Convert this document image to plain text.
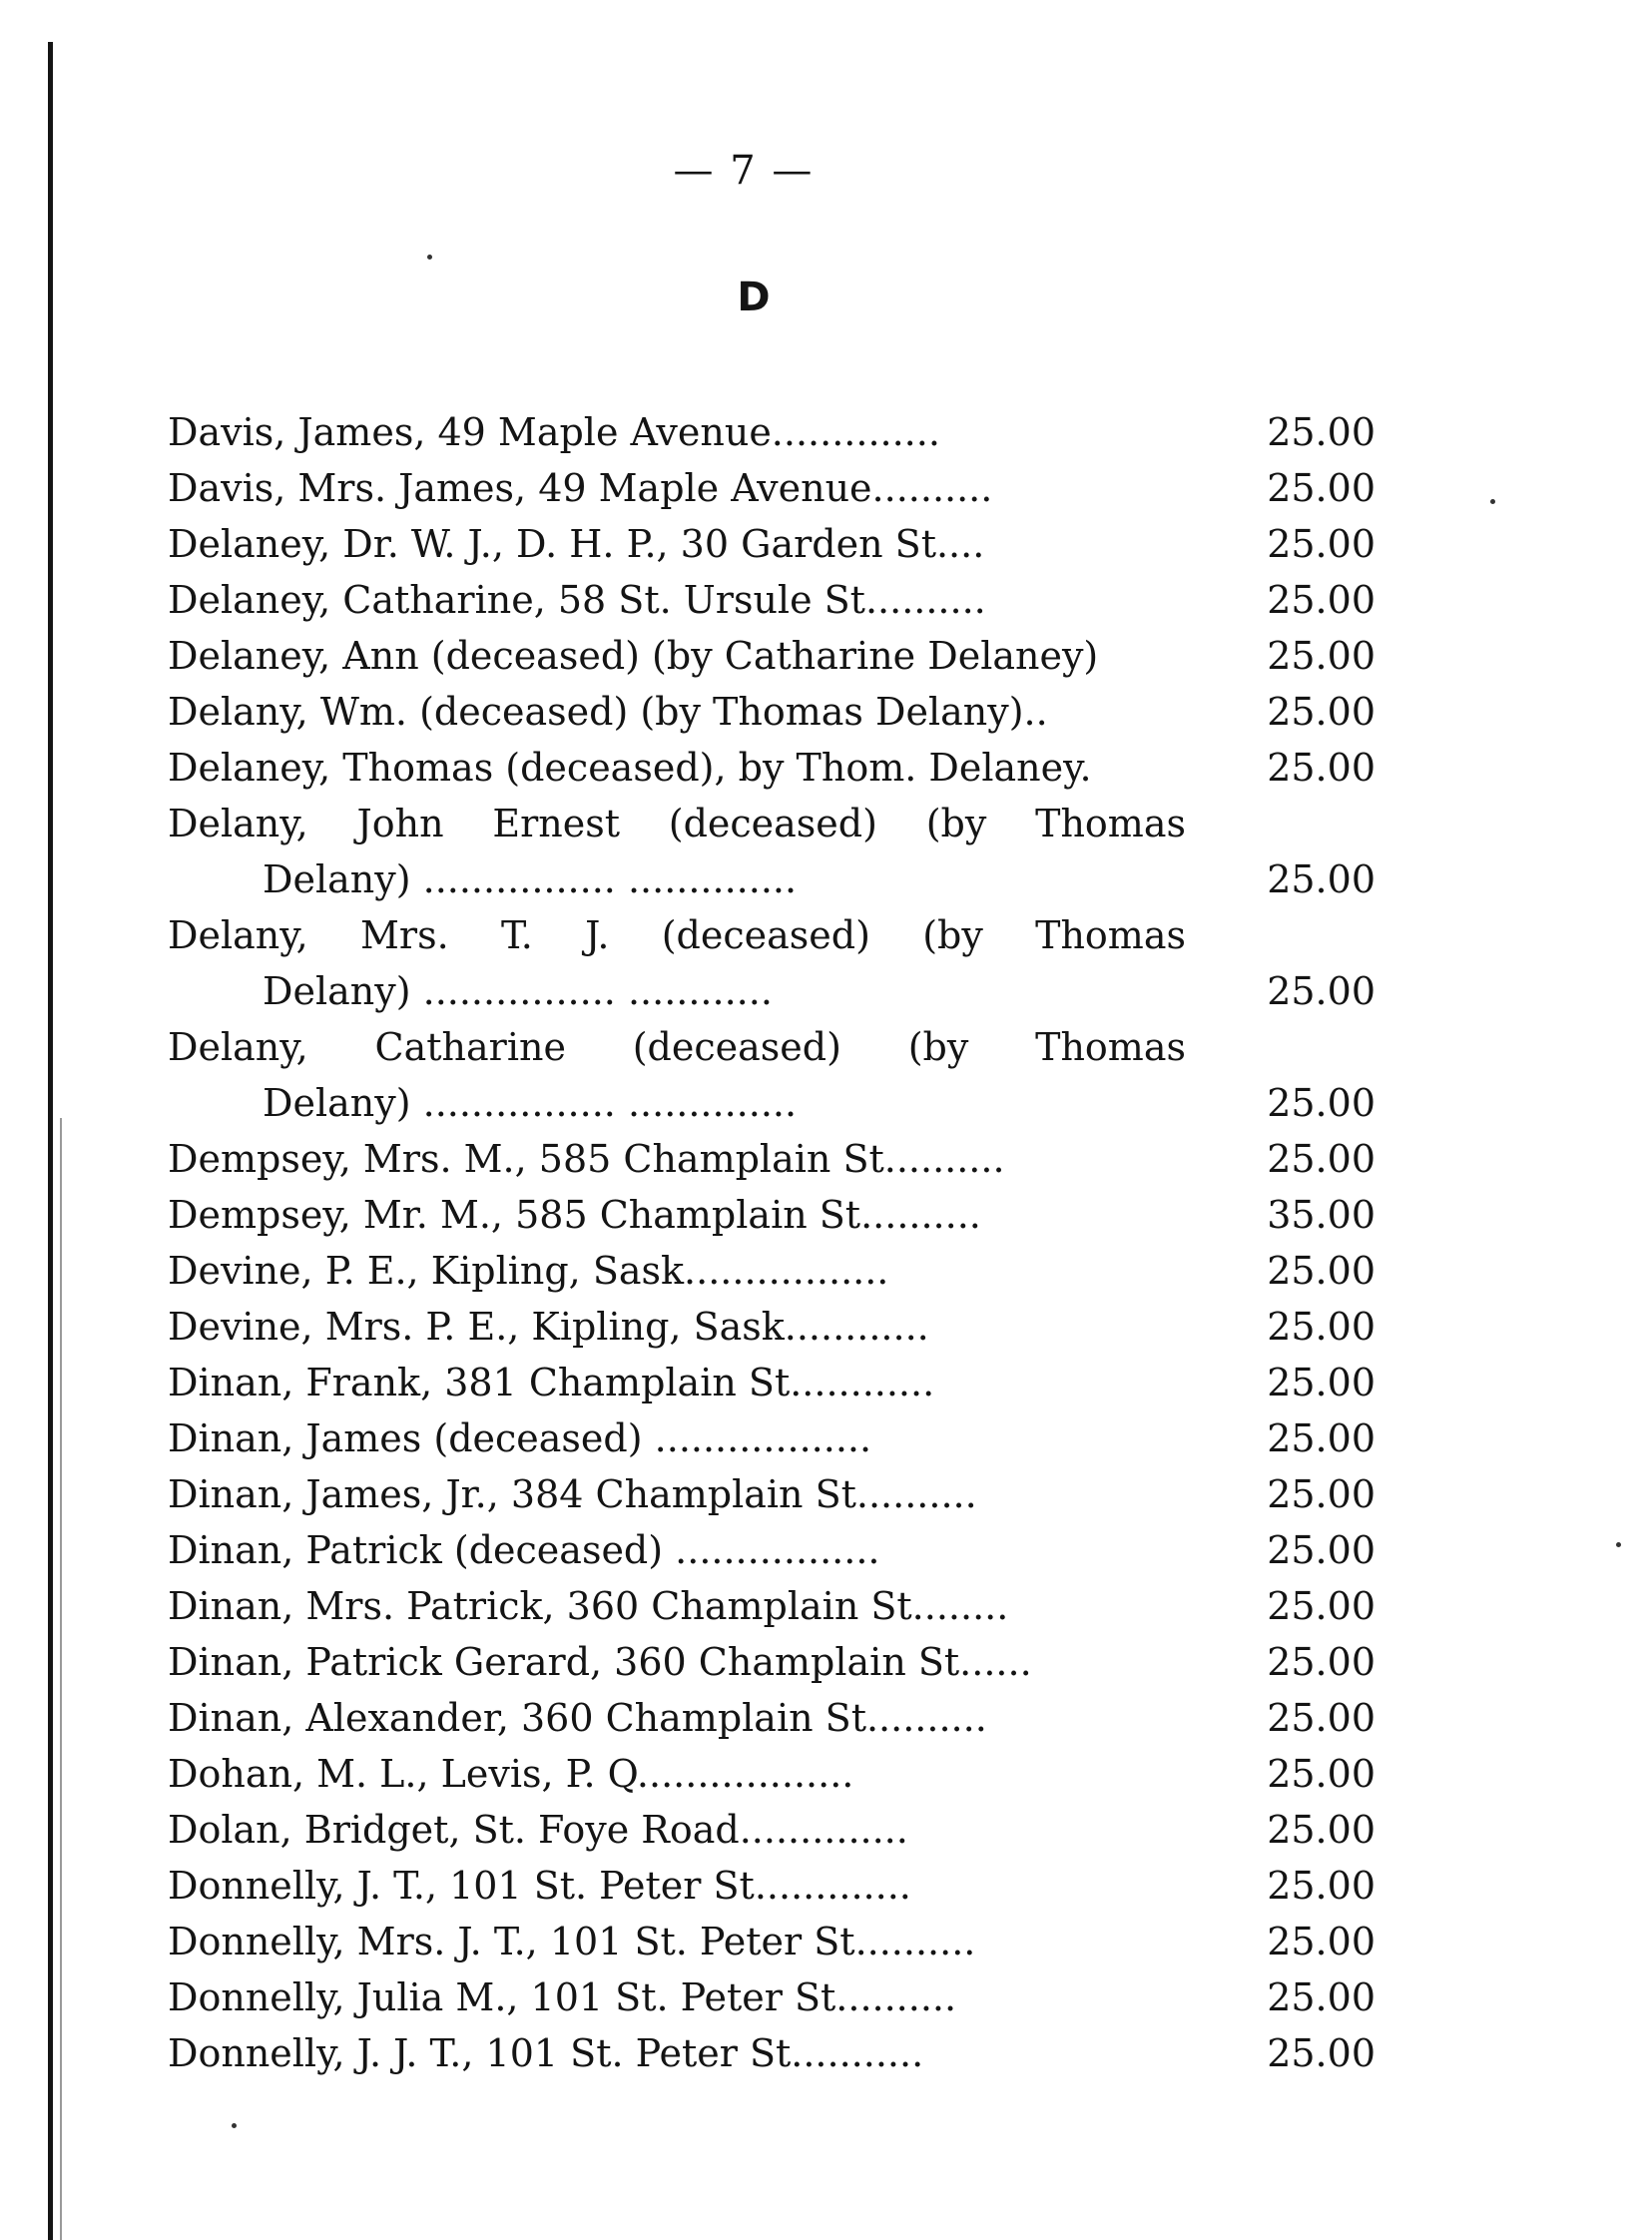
— 7 —
D
Davis, James, 49 Maple Avenue..............	25.00
Davis, Mrs. James, 49 Maple Avenue..........	25.00
Delaney, Dr. W. J., D. H. P., 30 Garden St....	25.00
Delaney, Catharine, 58 St. Ursule St..........	25.00
Delaney, Ann (deceased) (by Catharine Delaney)	25.00
Delany, Wm. (deceased) (by Thomas Delany)..	25.00
Delaney, Thomas (deceased), by Thom. Delaney.	25.00
Delany, John Ernest (deceased) (by Thomas
Delany) ................ ..............	25.00
Delany, Mrs. T. J. (deceased) (by Thomas
Delany) ................ ............	25.00
Delany, Catharine (deceased) (by Thomas
Delany) ................ ..............	25.00
Dempsey, Mrs. M., 585 Champlain St..........	25.00
Dempsey, Mr. M., 585 Champlain St..........	35.00
Devine, P. E., Kipling, Sask.................	25.00
Devine, Mrs. P. E., Kipling, Sask............	25.00
Dinan, Frank, 381 Champlain St............	25.00
Dinan, James (deceased) ..................	25.00
Dinan, James, Jr., 384 Champlain St..........	25.00
Dinan, Patrick (deceased) .................	25.00
Dinan, Mrs. Patrick, 360 Champlain St........	25.00
Dinan, Patrick Gerard, 360 Champlain St......	25.00
Dinan, Alexander, 360 Champlain St..........	25.00
Dohan, M. L., Levis, P. Q..................	25.00
Dolan, Bridget, St. Foye Road..............	25.00
Donnelly, J. T., 101 St. Peter St.............	25.00
Donnelly, Mrs. J. T., 101 St. Peter St..........	25.00
Donnelly, Julia M., 101 St. Peter St..........	25.00
Donnelly, J. J. T., 101 St. Peter St...........	25.00
